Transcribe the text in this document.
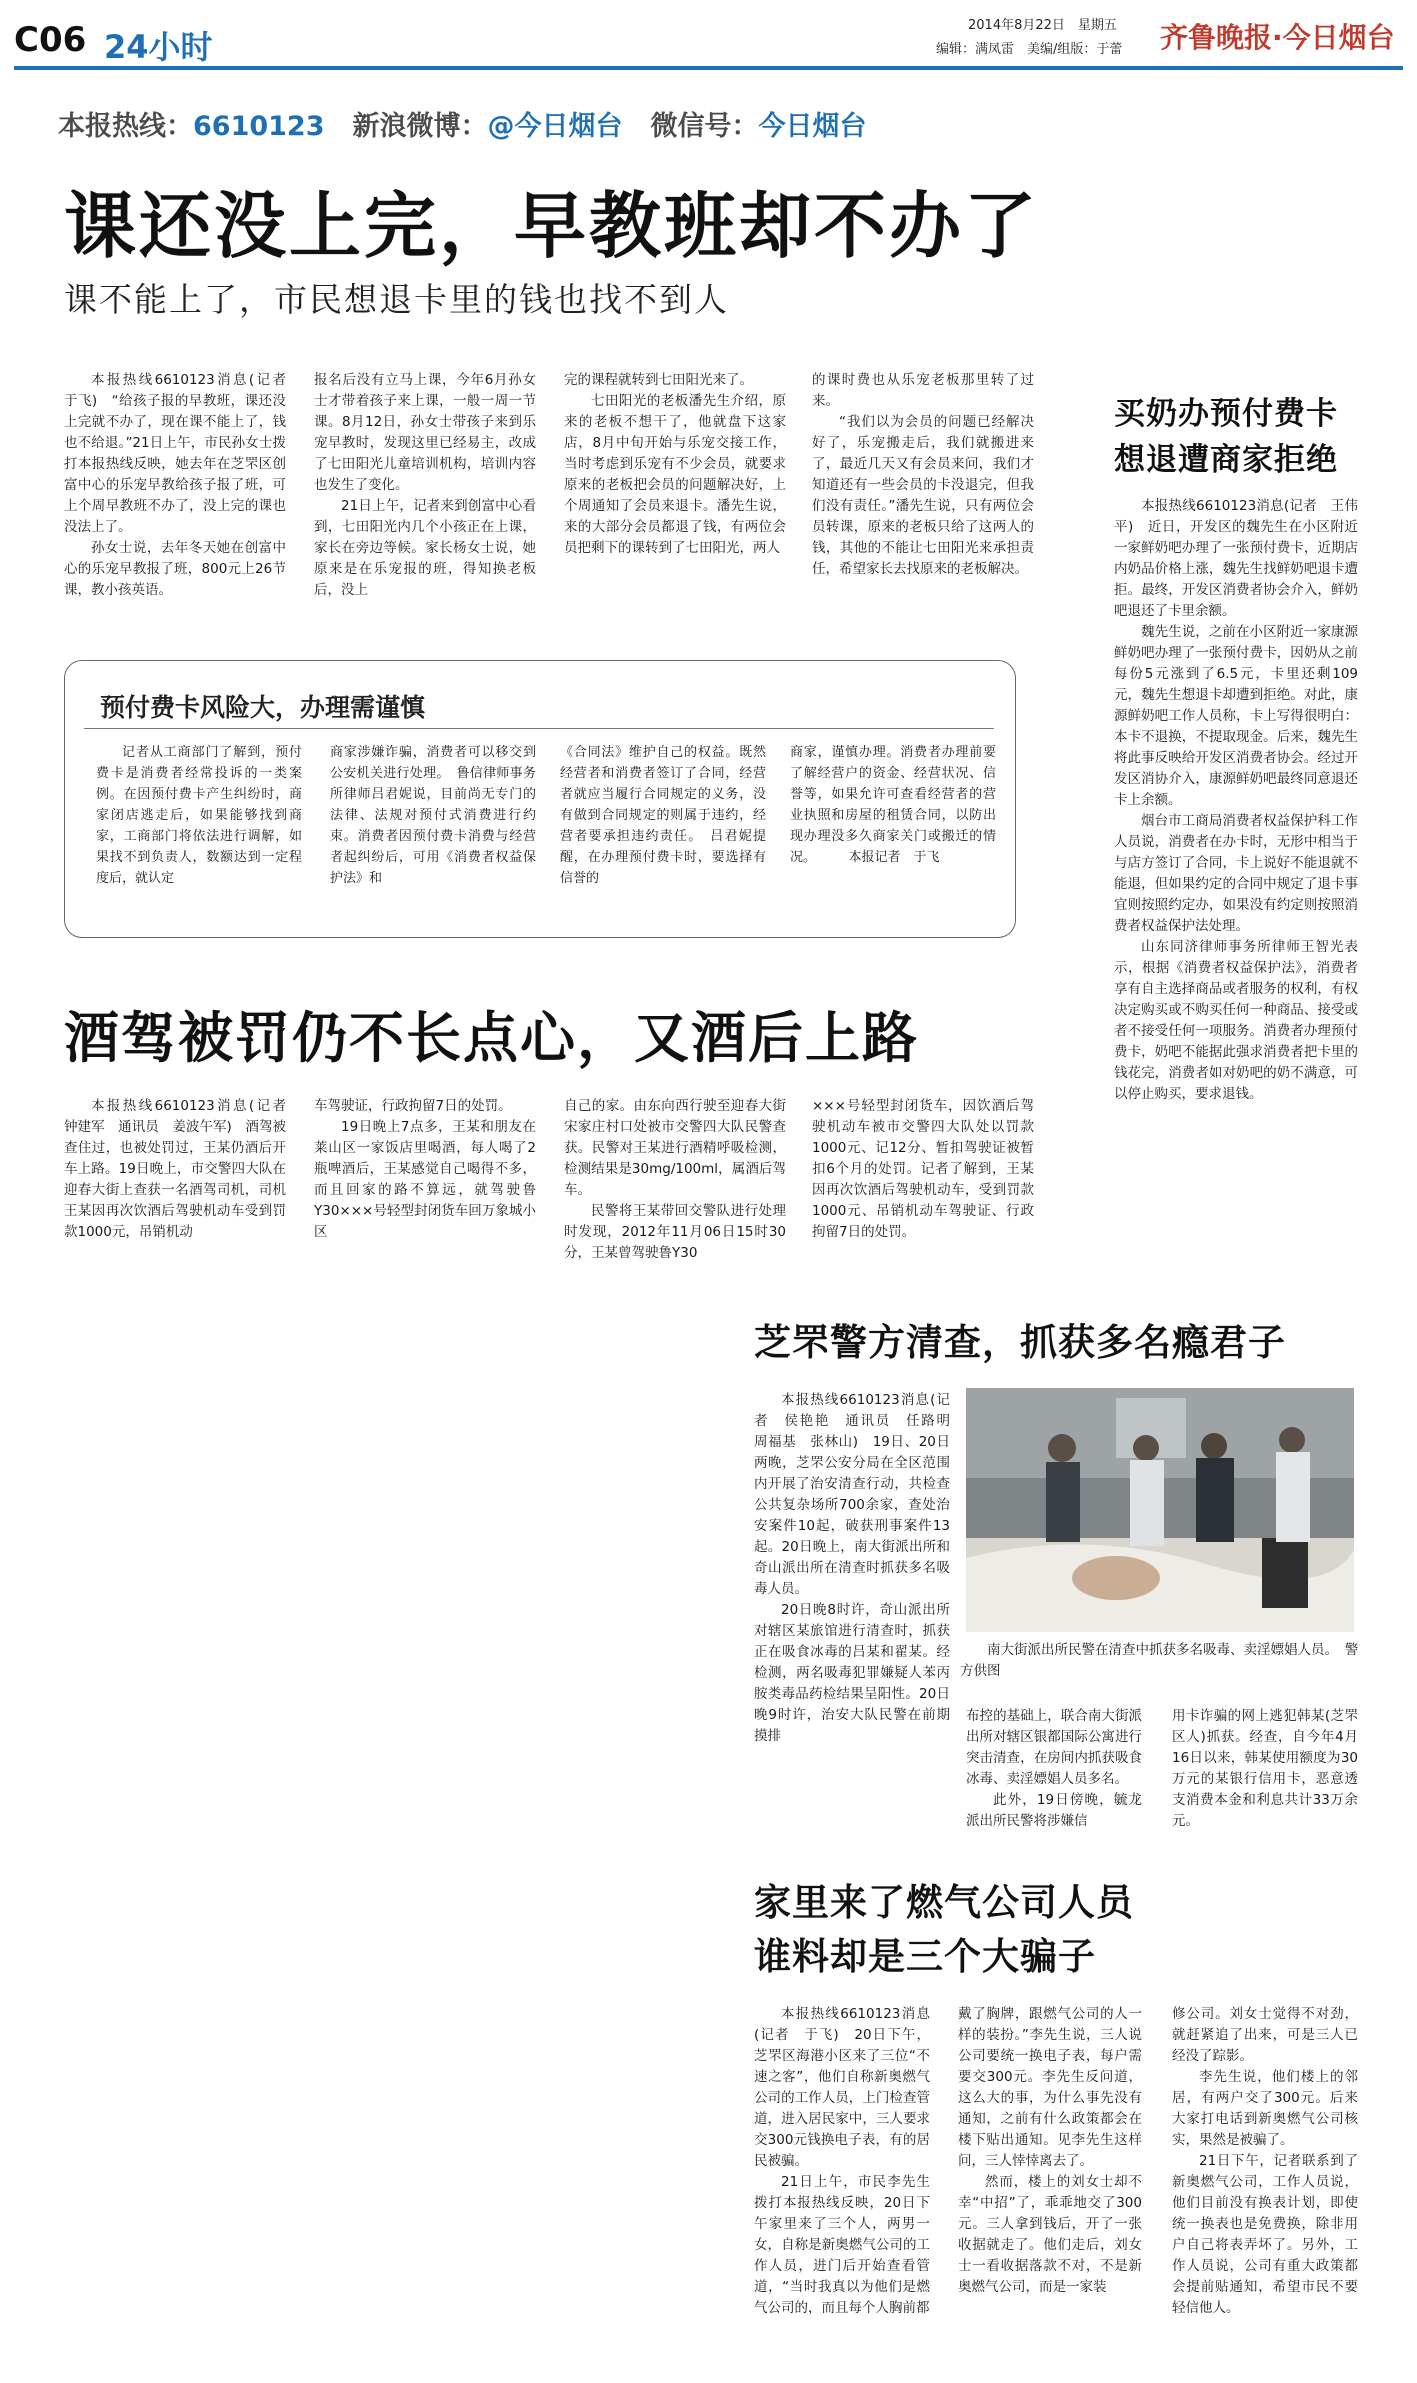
C06 24小时
2014年8月22日　星期五
编辑：满凤雷　美编/组版：于蕾 齐鲁晚报·今日烟台
本报热线：6610123 新浪微博：@今日烟台 微信号：今日烟台
课还没上完，早教班却不办了
课不能上了，市民想退卡里的钱也找不到人

本报热线6610123消息(记者　于飞)　“给孩子报的早教班，课还没上完就不办了，现在课不能上了，钱也不给退。”21日上午，市民孙女士拨打本报热线反映，她去年在芝罘区创富中心的乐宠早教给孩子报了班，可上个周早教班不办了，没上完的课也没法上了。

孙女士说，去年冬天她在创富中心的乐宠早教报了班，800元上26节课，教小孩英语。

报名后没有立马上课，今年6月孙女士才带着孩子来上课，一般一周一节课。8月12日，孙女士带孩子来到乐宠早教时，发现这里已经易主，改成了七田阳光儿童培训机构，培训内容也发生了变化。

21日上午，记者来到创富中心看到，七田阳光内几个小孩正在上课，家长在旁边等候。家长杨女士说，她原来是在乐宠报的班，得知换老板后，没上

完的课程就转到七田阳光来了。

七田阳光的老板潘先生介绍，原来的老板不想干了，他就盘下这家店，8月中旬开始与乐宠交接工作，当时考虑到乐宠有不少会员，就要求原来的老板把会员的问题解决好，上个周通知了会员来退卡。潘先生说，来的大部分会员都退了钱，有两位会员把剩下的课转到了七田阳光，两人

的课时费也从乐宠老板那里转了过来。

“我们以为会员的问题已经解决好了，乐宠搬走后，我们就搬进来了，最近几天又有会员来问，我们才知道还有一些会员的卡没退完，但我们没有责任。”潘先生说，只有两位会员转课，原来的老板只给了这两人的钱，其他的不能让七田阳光来承担责任，希望家长去找原来的老板解决。

预付费卡风险大，办理需谨慎

记者从工商部门了解到，预付费卡是消费者经常投诉的一类案例。在因预付费卡产生纠纷时，商家闭店逃走后，如果能够找到商家，工商部门将依法进行调解，如果找不到负责人，数额达到一定程度后，就认定

商家涉嫌诈骗，消费者可以移交到公安机关进行处理。　鲁信律师事务所律师吕君妮说，目前尚无专门的法律、法规对预付式消费进行约束。消费者因预付费卡消费与经营者起纠纷后，可用《消费者权益保护法》和

《合同法》维护自己的权益。既然经营者和消费者签订了合同，经营者就应当履行合同规定的义务，没有做到合同规定的则属于违约，经营者要承担违约责任。　吕君妮提醒，在办理预付费卡时，要选择有信誉的

商家，谨慎办理。消费者办理前要了解经营户的资金、经营状况、信誉等，如果允许可查看经营者的营业执照和房屋的租赁合同，以防出现办理没多久商家关门或搬迁的情况。　　　本报记者　于飞

酒驾被罚仍不长点心，又酒后上路

本报热线6610123消息(记者　钟建军　通讯员　姜波午军)　酒驾被查住过，也被处罚过，王某仍酒后开车上路。19日晚上，市交警四大队在迎春大街上查获一名酒驾司机，司机王某因再次饮酒后驾驶机动车受到罚款1000元，吊销机动

车驾驶证，行政拘留7日的处罚。

19日晚上7点多，王某和朋友在莱山区一家饭店里喝酒，每人喝了2瓶啤酒后，王某感觉自己喝得不多，而且回家的路不算远，就驾驶鲁Y30×××号轻型封闭货车回万象城小区

自己的家。由东向西行驶至迎春大街宋家庄村口处被市交警四大队民警查获。民警对王某进行酒精呼吸检测，检测结果是30mg/100ml，属酒后驾车。

民警将王某带回交警队进行处理时发现，2012年11月06日15时30分，王某曾驾驶鲁Y30

×××号轻型封闭货车，因饮酒后驾驶机动车被市交警四大队处以罚款1000元、记12分、暂扣驾驶证被暂扣6个月的处罚。记者了解到，王某因再次饮酒后驾驶机动车，受到罚款1000元、吊销机动车驾驶证、行政拘留7日的处罚。

买奶办预付费卡
想退遭商家拒绝

本报热线6610123消息(记者　王伟平)　近日，开发区的魏先生在小区附近一家鲜奶吧办理了一张预付费卡，近期店内奶品价格上涨，魏先生找鲜奶吧退卡遭拒。最终，开发区消费者协会介入，鲜奶吧退还了卡里余额。

魏先生说，之前在小区附近一家康源鲜奶吧办理了一张预付费卡，因奶从之前每份5元涨到了6.5元，卡里还剩109元，魏先生想退卡却遭到拒绝。对此，康源鲜奶吧工作人员称，卡上写得很明白：本卡不退换，不提取现金。后来，魏先生将此事反映给开发区消费者协会。经过开发区消协介入，康源鲜奶吧最终同意退还卡上余额。

烟台市工商局消费者权益保护科工作人员说，消费者在办卡时，无形中相当于与店方签订了合同，卡上说好不能退就不能退，但如果约定的合同中规定了退卡事宜则按照约定办，如果没有约定则按照消费者权益保护法处理。

山东同济律师事务所律师王智光表示，根据《消费者权益保护法》，消费者享有自主选择商品或者服务的权利，有权决定购买或不购买任何一种商品、接受或者不接受任何一项服务。消费者办理预付费卡，奶吧不能据此强求消费者把卡里的钱花完，消费者如对奶吧的奶不满意，可以停止购买，要求退钱。

芝罘警方清查，抓获多名瘾君子

本报热线6610123消息(记者　侯艳艳　通讯员　任路明　周福基　张林山)　19日、20日两晚，芝罘公安分局在全区范围内开展了治安清查行动，共检查公共复杂场所700余家，查处治安案件10起，破获刑事案件13起。20日晚上，南大街派出所和奇山派出所在清查时抓获多名吸毒人员。

20日晚8时许，奇山派出所对辖区某旅馆进行清查时，抓获正在吸食冰毒的吕某和翟某。经检测，两名吸毒犯罪嫌疑人苯丙胺类毒品药检结果呈阳性。20日晚9时许，治安大队民警在前期摸排

南大街派出所民警在清查中抓获多名吸毒、卖淫嫖娼人员。　警方供图

布控的基础上，联合南大街派出所对辖区银都国际公寓进行突击清查，在房间内抓获吸食冰毒、卖淫嫖娼人员多名。

此外，19日傍晚，毓龙派出所民警将涉嫌信

用卡诈骗的网上逃犯韩某(芝罘区人)抓获。经查，自今年4月16日以来，韩某使用额度为30万元的某银行信用卡，恶意透支消费本金和利息共计33万余元。

家里来了燃气公司人员
谁料却是三个大骗子

本报热线6610123消息(记者　于飞)　20日下午，芝罘区海港小区来了三位“不速之客”，他们自称新奥燃气公司的工作人员，上门检查管道，进入居民家中，三人要求交300元钱换电子表，有的居民被骗。

21日上午，市民李先生拨打本报热线反映，20日下午家里来了三个人，两男一女，自称是新奥燃气公司的工作人员，进门后开始查看管道，“当时我真以为他们是燃气公司的，而且每个人胸前都

戴了胸牌，跟燃气公司的人一样的装扮。”李先生说，三人说公司要统一换电子表，每户需要交300元。李先生反问道，这么大的事，为什么事先没有通知，之前有什么政策都会在楼下贴出通知。见李先生这样问，三人悻悻离去了。

然而，楼上的刘女士却不幸“中招”了，乖乖地交了300元。三人拿到钱后，开了一张收据就走了。他们走后，刘女士一看收据落款不对，不是新奥燃气公司，而是一家装

修公司。刘女士觉得不对劲，就赶紧追了出来，可是三人已经没了踪影。

李先生说，他们楼上的邻居，有两户交了300元。后来大家打电话到新奥燃气公司核实，果然是被骗了。

21日下午，记者联系到了新奥燃气公司，工作人员说，他们目前没有换表计划，即使统一换表也是免费换，除非用户自己将表弄坏了。另外，工作人员说，公司有重大政策都会提前贴通知，希望市民不要轻信他人。
